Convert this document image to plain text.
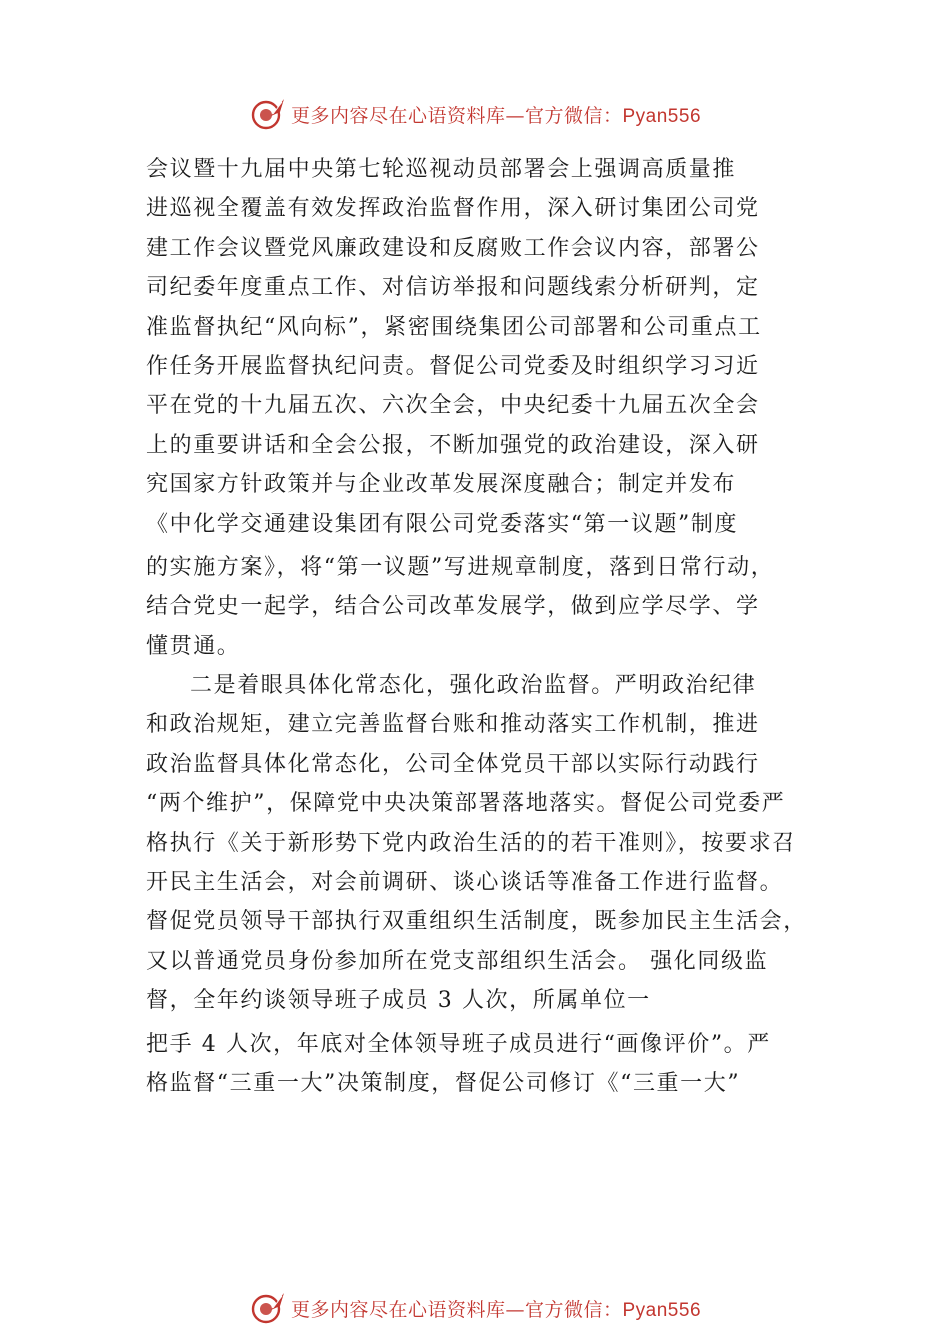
更多内容尽在心语资料库—官方微信：Pyan556
会议暨十九届中央第七轮巡视动员部署会上强调高质量推
进巡视全覆盖有效发挥政治监督作用，深入研讨集团公司党
建工作会议暨党风廉政建设和反腐败工作会议内容，部署公
司纪委年度重点工作、对信访举报和问题线索分析研判，定
准监督执纪“风向标”，紧密围绕集团公司部署和公司重点工
作任务开展监督执纪问责。督促公司党委及时组织学习习近
平在党的十九届五次、六次全会，中央纪委十九届五次全会
上的重要讲话和全会公报，不断加强党的政治建设，深入研
究国家方针政策并与企业改革发展深度融合；制定并发布
《中化学交通建设集团有限公司党委落实“第一议题”制度
的实施方案》，将“第一议题”写进规章制度，落到日常行动，
结合党史一起学，结合公司改革发展学，做到应学尽学、学
懂贯通。
二是着眼具体化常态化，强化政治监督。严明政治纪律
和政治规矩，建立完善监督台账和推动落实工作机制，推进
政治监督具体化常态化，公司全体党员干部以实际行动践行
“两个维护”，保障党中央决策部署落地落实。督促公司党委严
格执行《关于新形势下党内政治生活的的若干准则》，按要求召
开民主生活会，对会前调研、谈心谈话等准备工作进行监督。
督促党员领导干部执行双重组织生活制度，既参加民主生活会，
又以普通党员身份参加所在党支部组织生活会。 强化同级监
督，全年约谈领导班子成员 3 人次，所属单位一
把手 4 人次，年底对全体领导班子成员进行“画像评价”。严
格监督“三重一大”决策制度，督促公司修订《“三重一大”
更多内容尽在心语资料库—官方微信：Pyan556
